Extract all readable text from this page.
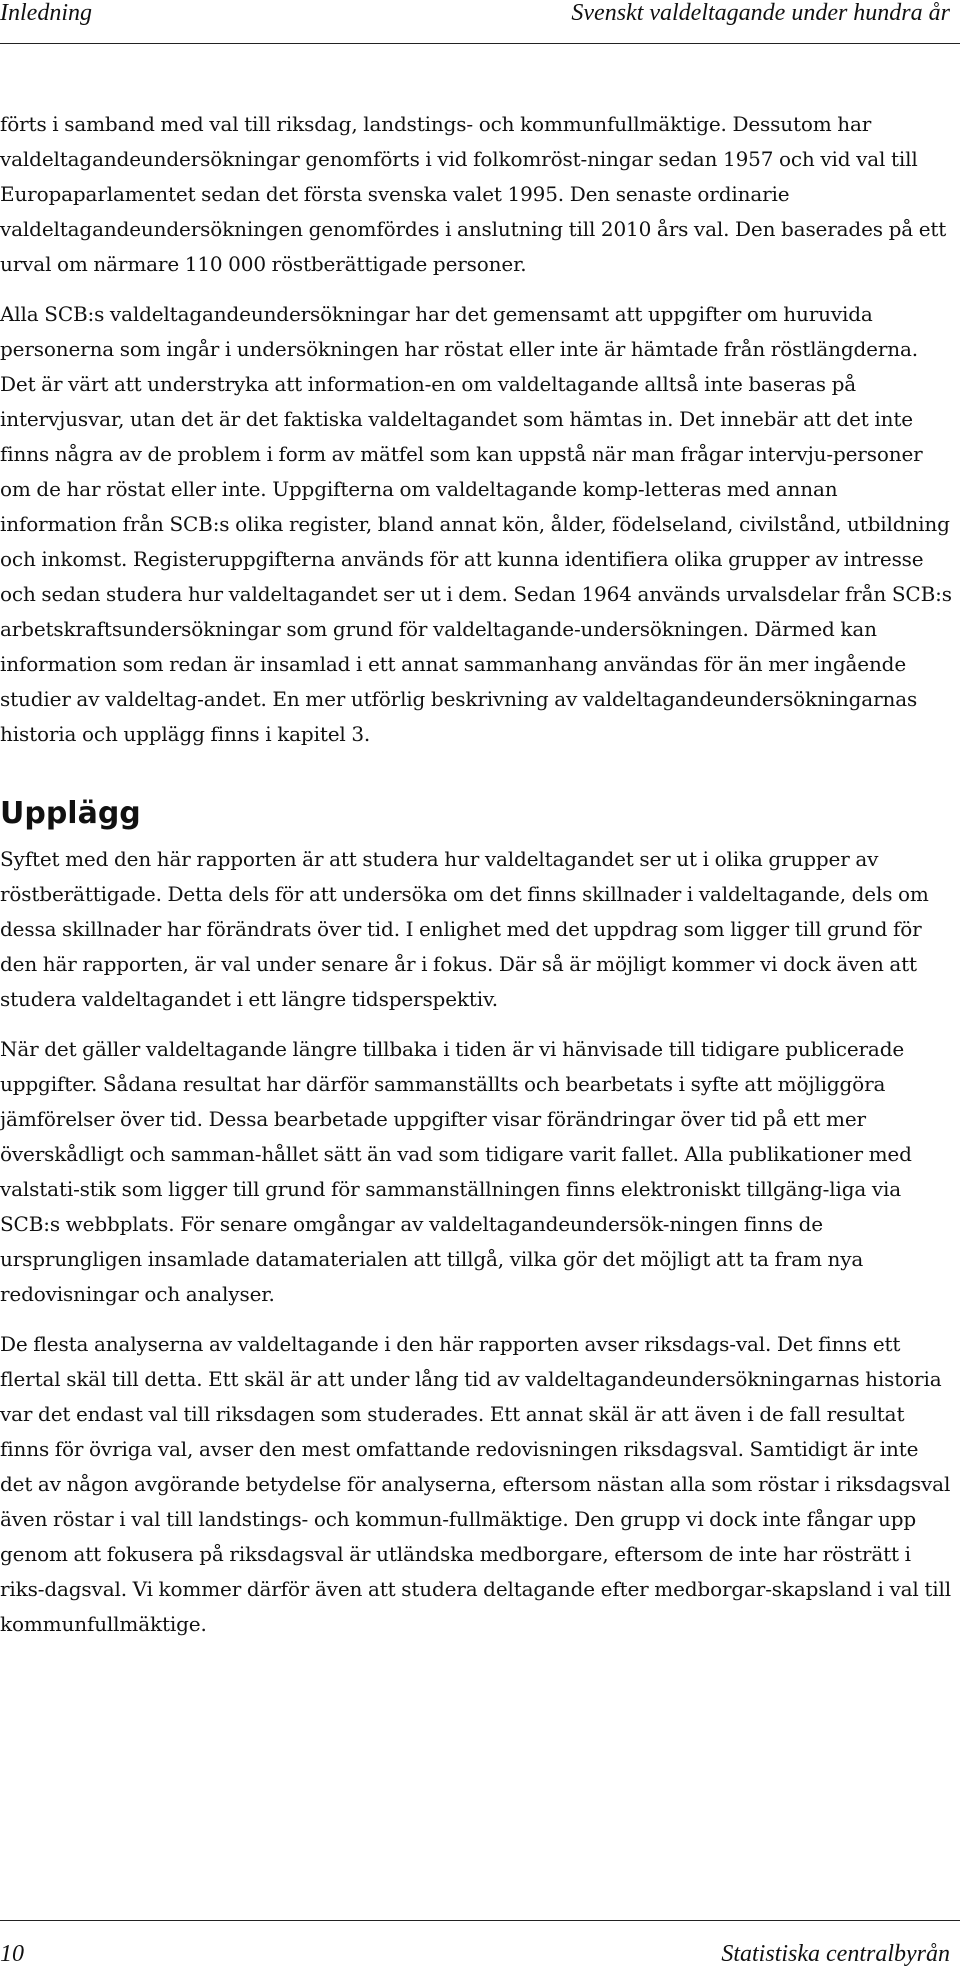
Inledning	Svenskt valdeltagande under hundra år

förts i samband med val till riksdag, landstings- och kommunfullmäktige. Dessutom har valdeltagandeundersökningar genomförts i vid folkomröst-ningar sedan 1957 och vid val till Europaparlamentet sedan det första svenska valet 1995. Den senaste ordinarie valdeltagandeundersökningen genomfördes i anslutning till 2010 års val. Den baserades på ett urval om närmare 110 000 röstberättigade personer.

Alla SCB:s valdeltagandeundersökningar har det gemensamt att uppgifter om huruvida personerna som ingår i undersökningen har röstat eller inte är hämtade från röstlängderna. Det är värt att understryka att information-en om valdeltagande alltså inte baseras på intervjusvar, utan det är det faktiska valdeltagandet som hämtas in. Det innebär att det inte finns några av de problem i form av mätfel som kan uppstå när man frågar intervju-personer om de har röstat eller inte. Uppgifterna om valdeltagande komp-letteras med annan information från SCB:s olika register, bland annat kön, ålder, födelseland, civilstånd, utbildning och inkomst. Registeruppgifterna används för att kunna identifiera olika grupper av intresse och sedan studera hur valdeltagandet ser ut i dem. Sedan 1964 används urvalsdelar från SCB:s arbetskraftsundersökningar som grund för valdeltagande-undersökningen. Därmed kan information som redan är insamlad i ett annat sammanhang användas för än mer ingående studier av valdeltag-andet. En mer utförlig beskrivning av valdeltagandeundersökningarnas historia och upplägg finns i kapitel 3.

Upplägg

Syftet med den här rapporten är att studera hur valdeltagandet ser ut i olika grupper av röstberättigade. Detta dels för att undersöka om det finns skillnader i valdeltagande, dels om dessa skillnader har förändrats över tid. I enlighet med det uppdrag som ligger till grund för den här rapporten, är val under senare år i fokus. Där så är möjligt kommer vi dock även att studera valdeltagandet i ett längre tidsperspektiv.

När det gäller valdeltagande längre tillbaka i tiden är vi hänvisade till tidigare publicerade uppgifter. Sådana resultat har därför sammanställts och bearbetats i syfte att möjliggöra jämförelser över tid. Dessa bearbetade uppgifter visar förändringar över tid på ett mer överskådligt och samman-hållet sätt än vad som tidigare varit fallet. Alla publikationer med valstati-stik som ligger till grund för sammanställningen finns elektroniskt tillgäng-liga via SCB:s webbplats. För senare omgångar av valdeltagandeundersök-ningen finns de ursprungligen insamlade datamaterialen att tillgå, vilka gör det möjligt att ta fram nya redovisningar och analyser.

De flesta analyserna av valdeltagande i den här rapporten avser riksdags-val. Det finns ett flertal skäl till detta. Ett skäl är att under lång tid av valdeltagandeundersökningarnas historia var det endast val till riksdagen som studerades. Ett annat skäl är att även i de fall resultat finns för övriga val, avser den mest omfattande redovisningen riksdagsval. Samtidigt är inte det av någon avgörande betydelse för analyserna, eftersom nästan alla som röstar i riksdagsval även röstar i val till landstings- och kommun-fullmäktige. Den grupp vi dock inte fångar upp genom att fokusera på riksdagsval är utländska medborgare, eftersom de inte har rösträtt i riks-dagsval. Vi kommer därför även att studera deltagande efter medborgar-skapsland i val till kommunfullmäktige.

10	Statistiska centralbyrån
